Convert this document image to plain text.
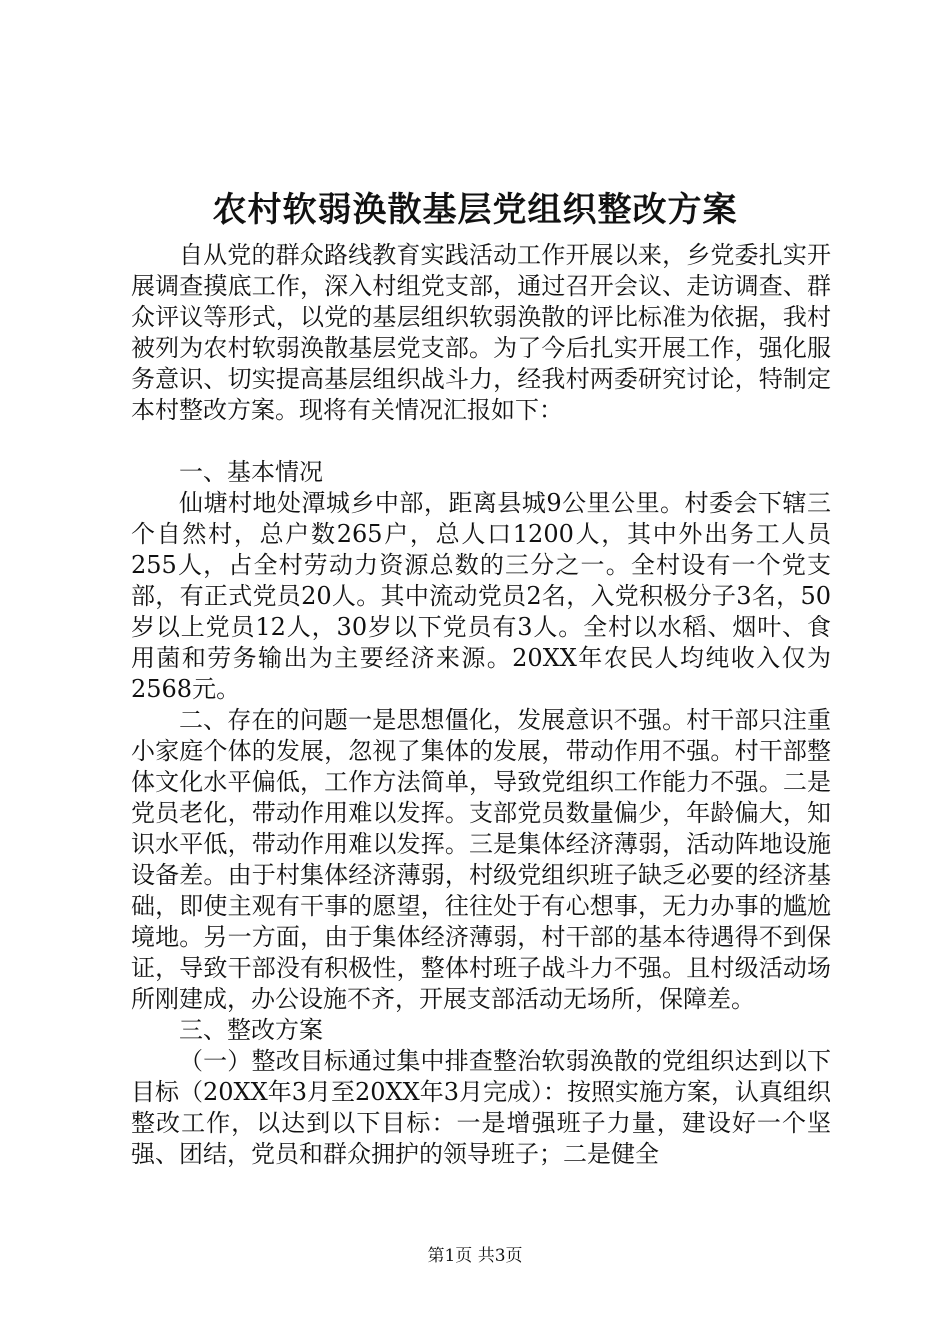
农村软弱涣散基层党组织整改方案

自从党的群众路线教育实践活动工作开展以来，乡党委扎实开展调查摸底工作，深入村组党支部，通过召开会议、走访调查、群众评议等形式，以党的基层组织软弱涣散的评比标准为依据，我村被列为农村软弱涣散基层党支部。为了今后扎实开展工作，强化服务意识、切实提高基层组织战斗力，经我村两委研究讨论，特制定本村整改方案。现将有关情况汇报如下：

一、基本情况

仙塘村地处潭城乡中部，距离县城9公里公里。村委会下辖三个自然村，总户数265户，总人口1200人，其中外出务工人员255人，占全村劳动力资源总数的三分之一。全村设有一个党支部，有正式党员20人。其中流动党员2名，入党积极分子3名，50岁以上党员12人，30岁以下党员有3人。全村以水稻、烟叶、食用菌和劳务输出为主要经济来源。20XX年农民人均纯收入仅为2568元。

二、存在的问题一是思想僵化，发展意识不强。村干部只注重小家庭个体的发展，忽视了集体的发展，带动作用不强。村干部整体文化水平偏低，工作方法简单，导致党组织工作能力不强。二是党员老化，带动作用难以发挥。支部党员数量偏少，年龄偏大，知识水平低，带动作用难以发挥。三是集体经济薄弱，活动阵地设施设备差。由于村集体经济薄弱，村级党组织班子缺乏必要的经济基础，即使主观有干事的愿望，往往处于有心想事，无力办事的尴尬境地。另一方面，由于集体经济薄弱，村干部的基本待遇得不到保证，导致干部没有积极性，整体村班子战斗力不强。且村级活动场所刚建成，办公设施不齐，开展支部活动无场所，保障差。

三、整改方案

（一）整改目标通过集中排查整治软弱涣散的党组织达到以下目标（20XX年3月至20XX年3月完成）：按照实施方案，认真组织整改工作，以达到以下目标：一是增强班子力量，建设好一个坚强、团结，党员和群众拥护的领导班子；二是健全

第1页 共3页
